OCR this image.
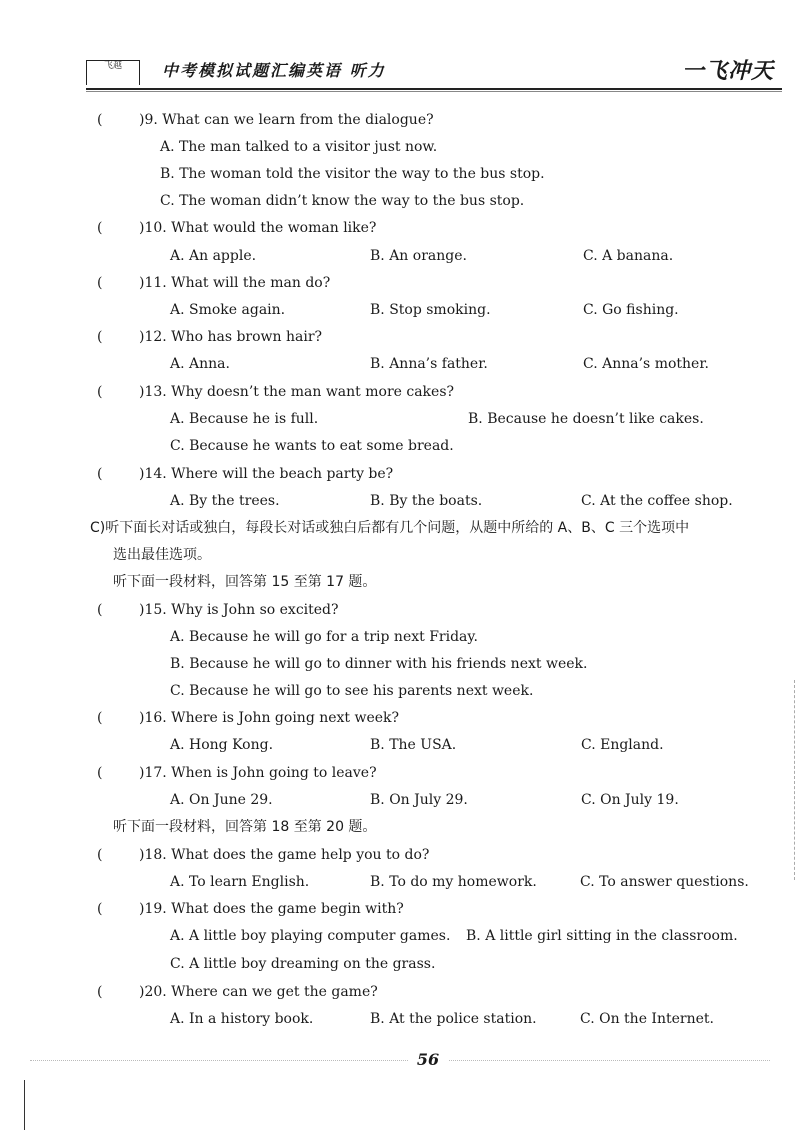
飞越	中考模拟试题汇编英语 听力	一飞冲天
(	)9. What can we learn from the dialogue?
A. The man talked to a visitor just now.
B. The woman told the visitor the way to the bus stop.
C. The woman didn’t know the way to the bus stop.
(	)10. What would the woman like?
A. An apple.	B. An orange.	C. A banana.
(	)11. What will the man do?
A. Smoke again.	B. Stop smoking.	C. Go fishing.
(	)12. Who has brown hair?
A. Anna.	B. Anna’s father.	C. Anna’s mother.
(	)13. Why doesn’t the man want more cakes?
A. Because he is full.	B. Because he doesn’t like cakes.
C. Because he wants to eat some bread.
(	)14. Where will the beach party be?
A. By the trees.	B. By the boats.	C. At the coffee shop.
C)听下面长对话或独白，每段长对话或独白后都有几个问题，从题中所给的 A、B、C 三个选项中
选出最佳选项。
听下面一段材料，回答第 15 至第 17 题。
(	)15. Why is John so excited?
A. Because he will go for a trip next Friday.
B. Because he will go to dinner with his friends next week.
C. Because he will go to see his parents next week.
(	)16. Where is John going next week?
A. Hong Kong.	B. The USA.	C. England.
(	)17. When is John going to leave?
A. On June 29.	B. On July 29.	C. On July 19.
听下面一段材料，回答第 18 至第 20 题。
(	)18. What does the game help you to do?
A. To learn English.	B. To do my homework.	C. To answer questions.
(	)19. What does the game begin with?
A. A little boy playing computer games. B. A little girl sitting in the classroom.
C. A little boy dreaming on the grass.
(	)20. Where can we get the game?
A. In a history book.	B. At the police station.	C. On the Internet.
56
